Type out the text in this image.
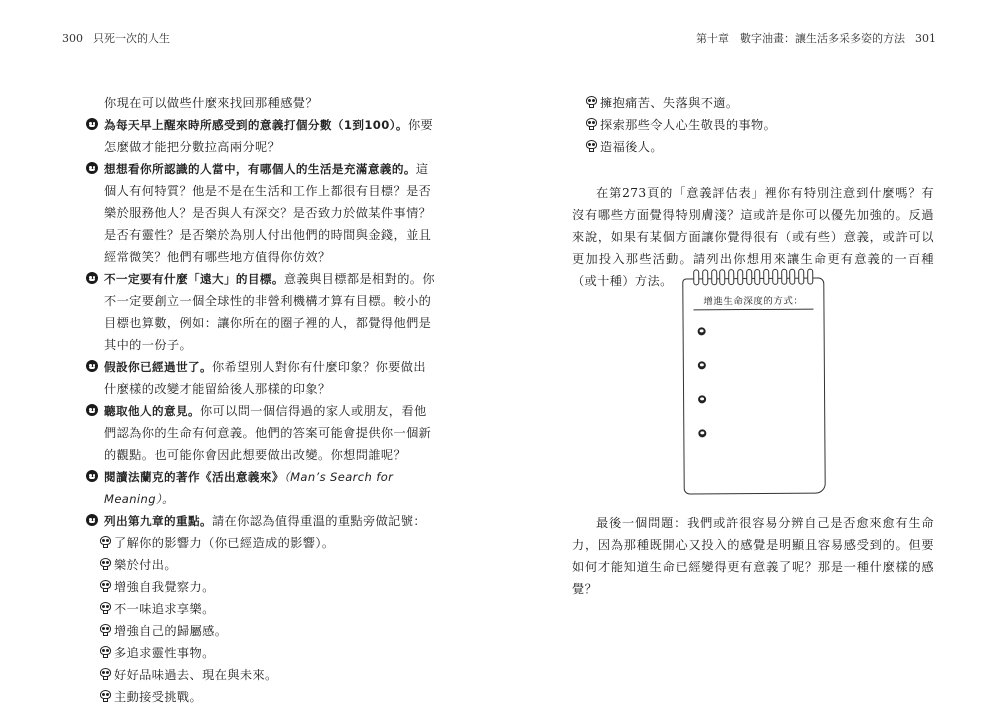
300 只死一次的人生	第十章　數字油畫：讓生活多采多姿的方法 301

你現在可以做些什麼來找回那種感覺？

為每天早上醒來時所感受到的意義打個分數（1到100）。你要怎麼做才能把分數拉高兩分呢？

想想看你所認識的人當中，有哪個人的生活是充滿意義的。這個人有何特質？他是不是在生活和工作上都很有目標？是否樂於服務他人？是否與人有深交？是否致力於做某件事情？是否有靈性？是否樂於為別人付出他們的時間與金錢，並且經常微笑？他們有哪些地方值得你仿效？

不一定要有什麼「遠大」的目標。意義與目標都是相對的。你不一定要創立一個全球性的非營利機構才算有目標。較小的目標也算數，例如：讓你所在的圈子裡的人，都覺得他們是其中的一份子。

假設你已經過世了。你希望別人對你有什麼印象？你要做出什麼樣的改變才能留給後人那樣的印象？

聽取他人的意見。你可以問一個信得過的家人或朋友，看他們認為你的生命有何意義。他們的答案可能會提供你一個新的觀點。也可能你會因此想要做出改變。你想問誰呢？

閱讀法蘭克的著作《活出意義來》（Man’s Search for Meaning）。

列出第九章的重點。請在你認為值得重溫的重點旁做記號：

了解你的影響力（你已經造成的影響）。

樂於付出。

增強自我覺察力。

不一味追求享樂。

增強自己的歸屬感。

多追求靈性事物。

好好品味過去、現在與未來。

主動接受挑戰。

擁抱痛苦、失落與不適。

探索那些令人心生敬畏的事物。

造福後人。

在第273頁的「意義評估表」裡你有特別注意到什麼嗎？有沒有哪些方面覺得特別膚淺？這或許是你可以優先加強的。反過來說，如果有某個方面讓你覺得很有（或有些）意義，或許可以更加投入那些活動。請列出你想用來讓生命更有意義的一百種（或十種）方法。

增進生命深度的方式：

最後一個問題：我們或許很容易分辨自己是否愈來愈有生命力，因為那種既開心又投入的感覺是明顯且容易感受到的。但要如何才能知道生命已經變得更有意義了呢？那是一種什麼樣的感覺？
